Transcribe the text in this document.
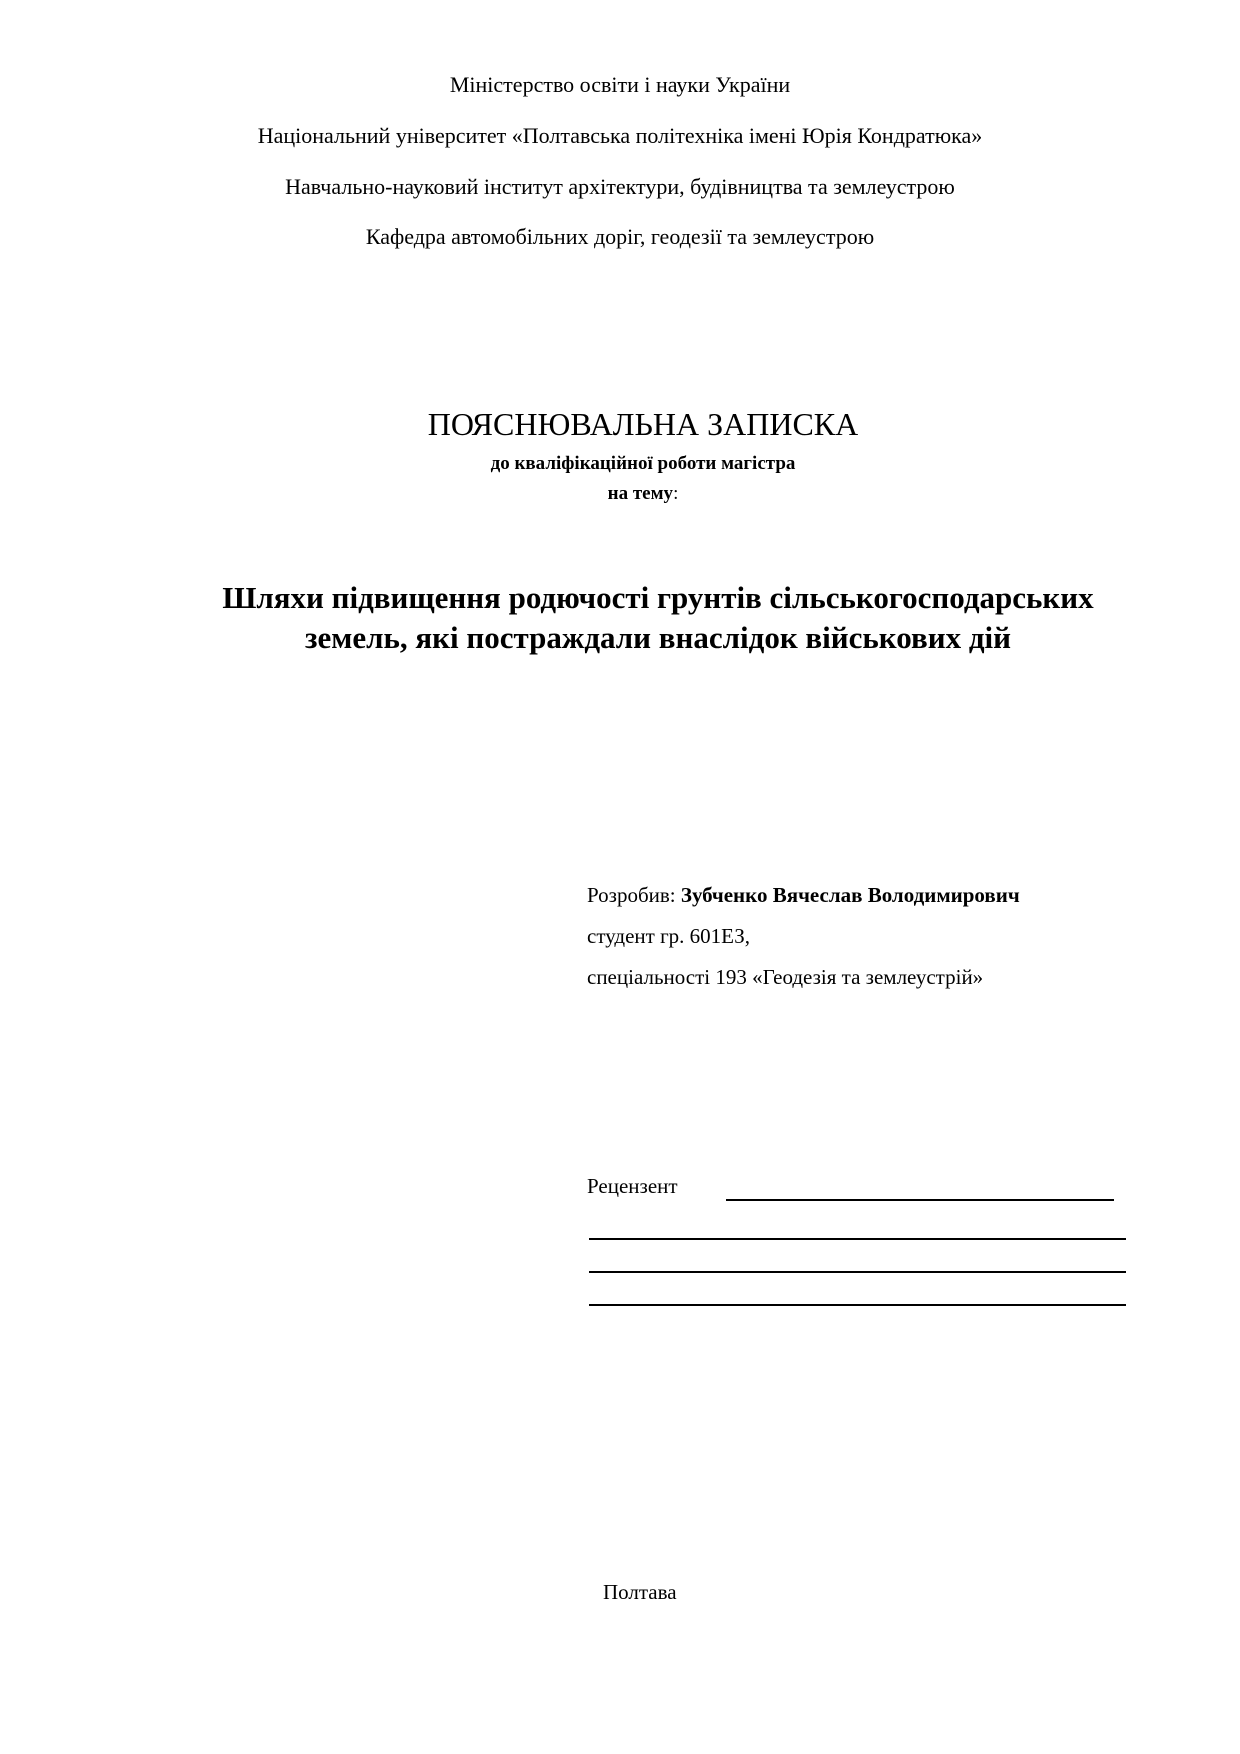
Міністерство освіти і науки України
Національний університет «Полтавська політехніка імені Юрія Кондратюка»
Навчально-науковий інститут архітектури, будівництва та землеустрою
Кафедра автомобільних доріг, геодезії та землеустрою
ПОЯСНЮВАЛЬНА ЗАПИСКА
до кваліфікаційної роботи магістра
на тему:
Шляхи підвищення родючості грунтів сільськогосподарських
земель, які постраждали внаслідок військових дій
Розробив: Зубченко Вячеслав Володимирович
студент гр. 601ЕЗ,
спеціальності 193 «Геодезія та землеустрій»
Рецензент
Полтава
